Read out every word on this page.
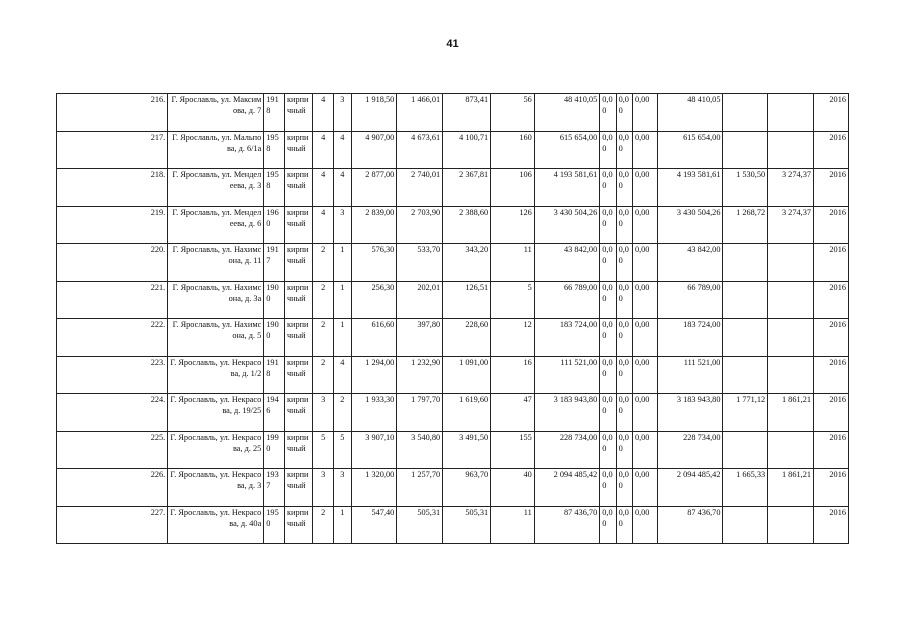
41
216.	Г. Ярославль, ул. Максимова, д. 7	1918	кирпичный	4	3	1 918,50	1 466,01	873,41	56	48 410,05	0,00	0,00	0,00	48 410,05			2016
217.	Г. Ярославль, ул. Мальпова, д. 6/1а	1958	кирпичный	4	4	4 907,00	4 673,61	4 100,71	160	615 654,00	0,00	0,00	0,00	615 654,00			2016
218.	Г. Ярославль, ул. Менделеева, д. 3	1958	кирпичный	4	4	2 877,00	2 740,01	2 367,81	106	4 193 581,61	0,00	0,00	0,00	4 193 581,61	1 530,50	3 274,37	2016
219.	Г. Ярославль, ул. Менделеева, д. 6	1960	кирпичный	4	3	2 839,00	2 703,90	2 388,60	126	3 430 504,26	0,00	0,00	0,00	3 430 504,26	1 268,72	3 274,37	2016
220.	Г. Ярославль, ул. Нахимсона, д. 11	1917	кирпичный	2	1	576,30	533,70	343,20	11	43 842,00	0,00	0,00	0,00	43 842,00			2016
221.	Г. Ярославль, ул. Нахимсона, д. 3а	1900	кирпичный	2	1	256,30	202,01	126,51	5	66 789,00	0,00	0,00	0,00	66 789,00			2016
222.	Г. Ярославль, ул. Нахимсона, д. 5	1900	кирпичный	2	1	616,60	397,80	228,60	12	183 724,00	0,00	0,00	0,00	183 724,00			2016
223.	Г. Ярославль, ул. Некрасова, д. 1/2	1918	кирпичный	2	4	1 294,00	1 232,90	1 091,00	16	111 521,00	0,00	0,00	0,00	111 521,00			2016
224.	Г. Ярославль, ул. Некрасова, д. 19/25	1946	кирпичный	3	2	1 933,30	1 797,70	1 619,60	47	3 183 943,80	0,00	0,00	0,00	3 183 943,80	1 771,12	1 861,21	2016
225.	Г. Ярославль, ул. Некрасова, д. 25	1990	кирпичный	5	5	3 907,10	3 540,80	3 491,50	155	228 734,00	0,00	0,00	0,00	228 734,00			2016
226.	Г. Ярославль, ул. Некрасова, д. 3	1937	кирпичный	3	3	1 320,00	1 257,70	963,70	40	2 094 485,42	0,00	0,00	0,00	2 094 485,42	1 665,33	1 861,21	2016
227.	Г. Ярославль, ул. Некрасова, д. 40а	1950	кирпичный	2	1	547,40	505,31	505,31	11	87 436,70	0,00	0,00	0,00	87 436,70			2016
